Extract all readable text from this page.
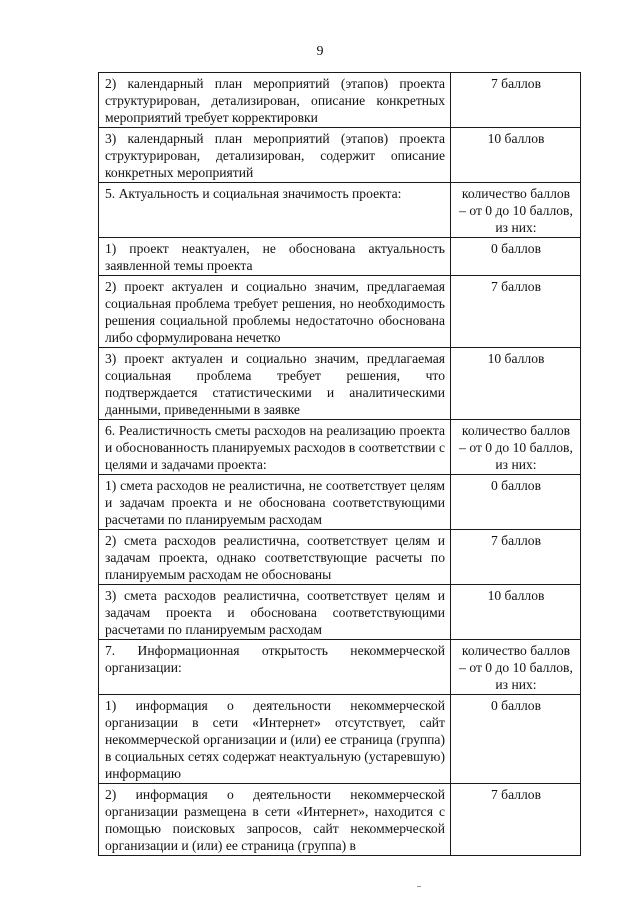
9
2) календарный план мероприятий (этапов) проекта структурирован, детализирован, описание конкретных мероприятий требует корректировки	7 баллов
3) календарный план мероприятий (этапов) проекта структурирован, детализирован, содержит описание конкретных мероприятий	10 баллов
5. Актуальность и социальная значимость проекта:	количество баллов – от 0 до 10 баллов, из них:
1) проект неактуален, не обоснована актуальность заявленной темы проекта	0 баллов
2) проект актуален и социально значим, предлагаемая социальная проблема требует решения, но необходимость решения социальной проблемы недостаточно обоснована либо сформулирована нечетко	7 баллов
3) проект актуален и социально значим, предлагаемая социальная проблема требует решения, что подтверждается статистическими и аналитическими данными, приведенными в заявке	10 баллов
6. Реалистичность сметы расходов на реализацию проекта и обоснованность планируемых расходов в соответствии с целями и задачами проекта:	количество баллов – от 0 до 10 баллов, из них:
1) смета расходов не реалистична, не соответствует целям и задачам проекта и не обоснована соответствующими расчетами по планируемым расходам	0 баллов
2) смета расходов реалистична, соответствует целям и задачам проекта, однако соответствующие расчеты по планируемым расходам не обоснованы	7 баллов
3) смета расходов реалистична, соответствует целям и задачам проекта и обоснована соответствующими расчетами по планируемым расходам	10 баллов
7. Информационная открытость некоммерческой организации:	количество баллов – от 0 до 10 баллов, из них:
1) информация о деятельности некоммерческой организации в сети «Интернет» отсутствует, сайт некоммерческой организации и (или) ее страница (группа) в социальных сетях содержат неактуальную (устаревшую) информацию	0 баллов
2) информация о деятельности некоммерческой организации размещена в сети «Интернет», находится с помощью поисковых запросов, сайт некоммерческой организации и (или) ее страница (группа) в	7 баллов
